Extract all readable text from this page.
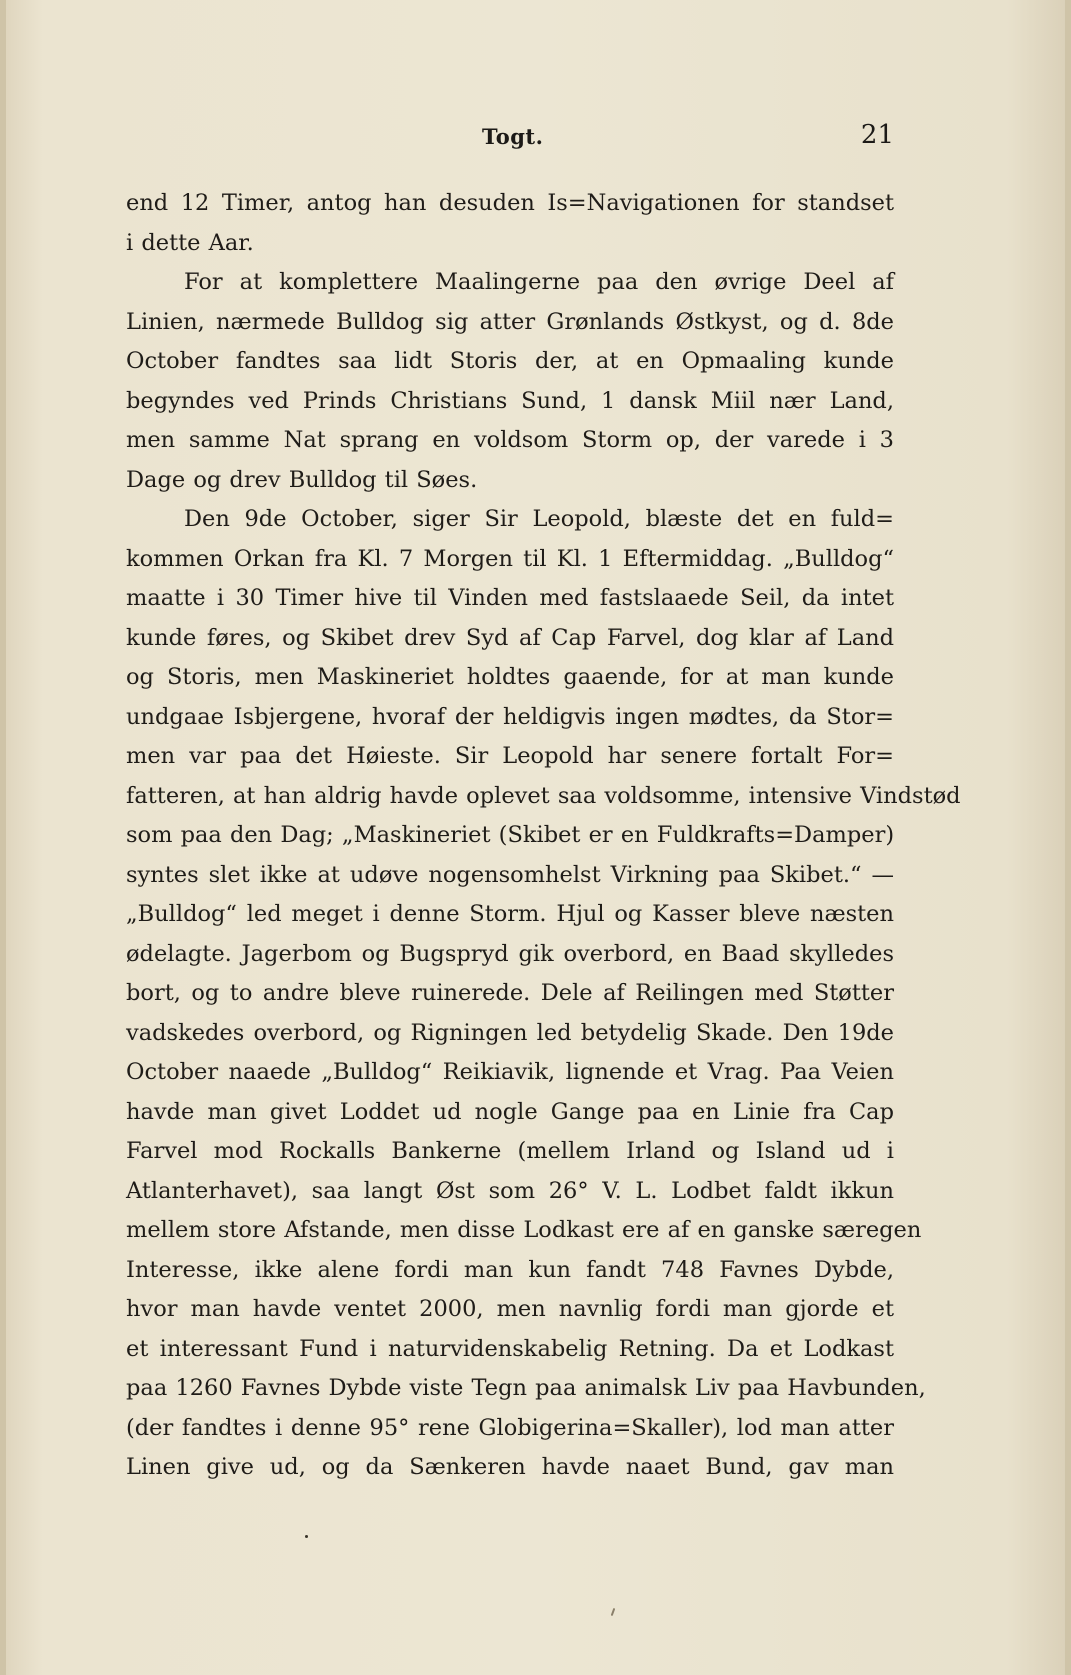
Togt.	21
end 12 Timer, antog han desuden Is=Navigationen for standset
i dette Aar.
For at komplettere Maalingerne paa den øvrige Deel af
Linien, nærmede Bulldog sig atter Grønlands Østkyst, og d. 8de
October fandtes saa lidt Storis der, at en Opmaaling kunde
begyndes ved Prinds Christians Sund, 1 dansk Miil nær Land,
men samme Nat sprang en voldsom Storm op, der varede i 3
Dage og drev Bulldog til Søes.
Den 9de October, siger Sir Leopold, blæste det en fuld=
kommen Orkan fra Kl. 7 Morgen til Kl. 1 Eftermiddag. „Bulldog“
maatte i 30 Timer hive til Vinden med fastslaaede Seil, da intet
kunde føres, og Skibet drev Syd af Cap Farvel, dog klar af Land
og Storis, men Maskineriet holdtes gaaende, for at man kunde
undgaae Isbjergene, hvoraf der heldigvis ingen mødtes, da Stor=
men var paa det Høieste. Sir Leopold har senere fortalt For=
fatteren, at han aldrig havde oplevet saa voldsomme, intensive Vindstød
som paa den Dag; „Maskineriet (Skibet er en Fuldkrafts=Damper)
syntes slet ikke at udøve nogensomhelst Virkning paa Skibet.“ —
„Bulldog“ led meget i denne Storm. Hjul og Kasser bleve næsten
ødelagte. Jagerbom og Bugspryd gik overbord, en Baad skylledes
bort, og to andre bleve ruinerede. Dele af Reilingen med Støtter
vadskedes overbord, og Rigningen led betydelig Skade. Den 19de
October naaede „Bulldog“ Reikiavik, lignende et Vrag. Paa Veien
havde man givet Loddet ud nogle Gange paa en Linie fra Cap
Farvel mod Rockalls Bankerne (mellem Irland og Island ud i
Atlanterhavet), saa langt Øst som 26° V. L. Lodbet faldt ikkun
mellem store Afstande, men disse Lodkast ere af en ganske særegen
Interesse, ikke alene fordi man kun fandt 748 Favnes Dybde,
hvor man havde ventet 2000, men navnlig fordi man gjorde et
et interessant Fund i naturvidenskabelig Retning. Da et Lodkast
paa 1260 Favnes Dybde viste Tegn paa animalsk Liv paa Havbunden,
(der fandtes i denne 95° rene Globigerina=Skaller), lod man atter
Linen give ud, og da Sænkeren havde naaet Bund, gav man
